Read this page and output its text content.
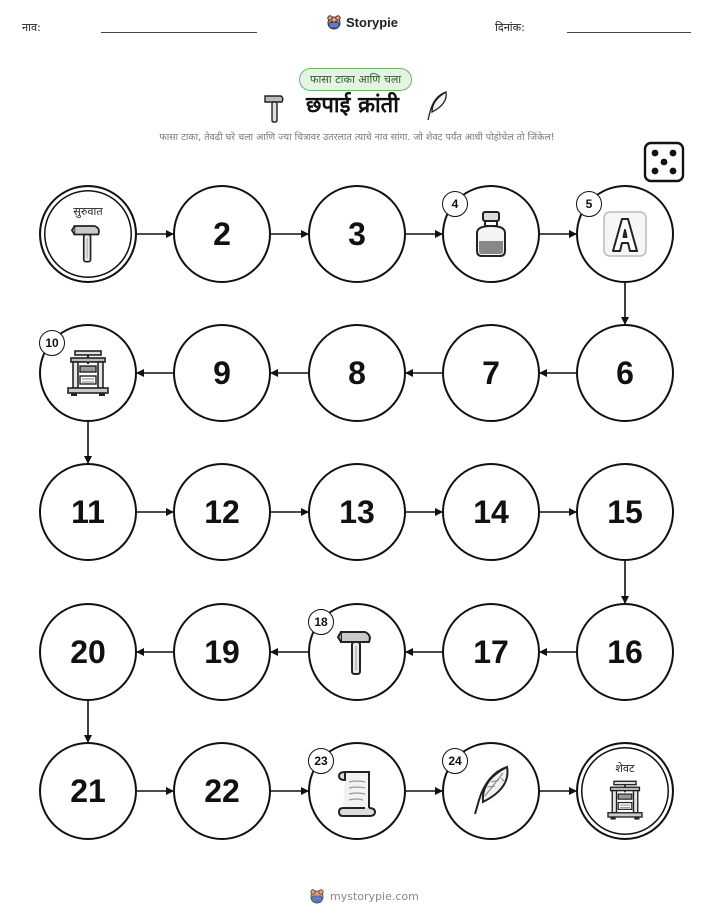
नाव:	Storypie	दिनांक:
फासा टाका आणि चला
छपाई क्रांती
फासा टाका, तेवढी घरे चला आणि ज्या चित्रावर उतरलात त्याचे नाव सांगा. जो शेवट पर्यंत आधी पोहोचेल तो जिंकेल!
सुरुवात
2	3
4	5
6
7
8
9
10
11	12	13	14	15
16
17
18
19
20
21	22
23	24
शेवट
mystorypie.com
